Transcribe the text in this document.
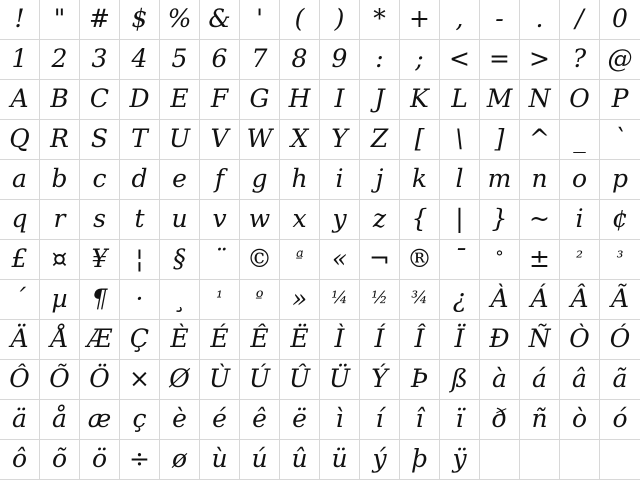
! " # $ % & ' ( ) * + , - . / 0
1 2 3 4 5 6 7 8 9 : ; < = > ? @
A B C D E F G H I J K L M N O P
Q R S T U V W X Y Z [ \ ] ^ _ `
a b c d e f g h i j k l m n o p
q r s t u v w x y z { | } ~ i ¢
£ ¤ ¥ ¦ § ¨ © ª « ¬ ® ¯ ° ± ² ³
´ µ ¶ · ¸ ¹ º » ¼ ½ ¾ ¿ À Á Â Ã
Ä Å Æ Ç È É Ê Ë Ì Í Î Ï Ð Ñ Ò Ó
Ô Õ Ö × Ø Ù Ú Û Ü Ý Þ ß à á â ã
ä å æ ç è é ê ë ì í î ï ð ñ ò ó
ô õ ö ÷ ø ù ú û ü ý þ ÿ
